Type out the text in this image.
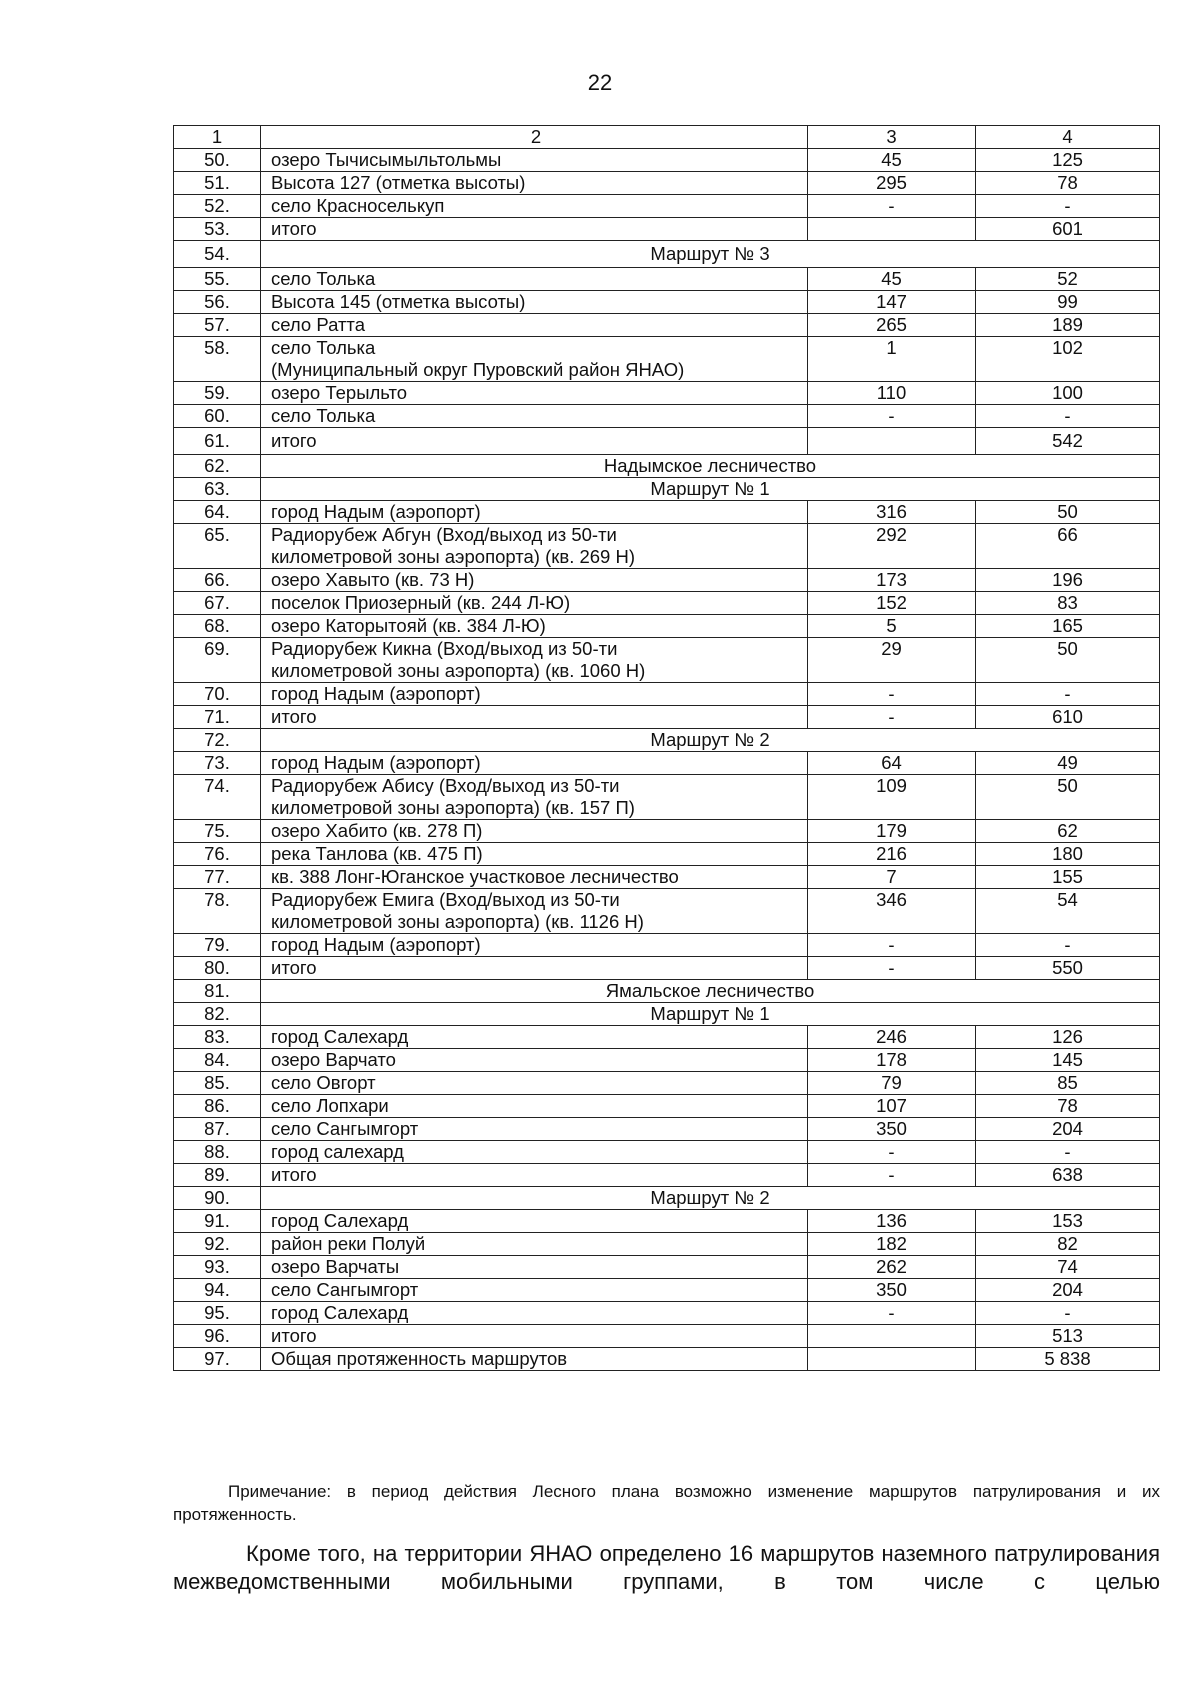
22
1	2	3	4
50.	озеро Тычисымыльтольмы	45	125
51.	Высота 127 (отметка высоты)	295	78
52.	село Красноселькуп	-	-
53.	итого		601
54.	Маршрут № 3		
55.	село Толька	45	52
56.	Высота 145 (отметка высоты)	147	99
57.	село Ратта	265	189
58.	село Толька
(Муниципальный округ Пуровский район ЯНАО)	1	102
59.	озеро Терыльто	110	100
60.	село Толька	-	-
61.	итого		542
62.	Надымское лесничество		
63.	Маршрут № 1		
64.	город Надым (аэропорт)	316	50
65.	Радиорубеж Абгун (Вход/выход из 50-ти
километровой зоны аэропорта) (кв. 269 Н)	292	66
66.	озеро Хавыто (кв. 73 Н)	173	196
67.	поселок Приозерный (кв. 244 Л-Ю)	152	83
68.	озеро Каторытояй (кв. 384 Л-Ю)	5	165
69.	Радиорубеж Кикна (Вход/выход из 50-ти
километровой зоны аэропорта) (кв. 1060 Н)	29	50
70.	город Надым (аэропорт)	-	-
71.	итого	-	610
72.	Маршрут № 2		
73.	город Надым (аэропорт)	64	49
74.	Радиорубеж Абису (Вход/выход из 50-ти
километровой зоны аэропорта) (кв. 157 П)	109	50
75.	озеро Хабито (кв. 278 П)	179	62
76.	река Танлова (кв. 475 П)	216	180
77.	кв. 388 Лонг-Юганское участковое лесничество	7	155
78.	Радиорубеж Емига (Вход/выход из 50-ти
километровой зоны аэропорта) (кв. 1126 Н)	346	54
79.	город Надым (аэропорт)	-	-
80.	итого	-	550
81.	Ямальское лесничество		
82.	Маршрут № 1		
83.	город Салехард	246	126
84.	озеро Варчато	178	145
85.	село Овгорт	79	85
86.	село Лопхари	107	78
87.	село Сангымгорт	350	204
88.	город салехард	-	-
89.	итого	-	638
90.	Маршрут № 2		
91.	город Салехард	136	153
92.	район реки Полуй	182	82
93.	озеро Варчаты	262	74
94.	село Сангымгорт	350	204
95.	город Салехард	-	-
96.	итого		513
97.	Общая протяженность маршрутов		5 838
Примечание: в период действия Лесного плана возможно изменение маршрутов патрулирования и их протяженность.
Кроме того, на территории ЯНАО определено 16 маршрутов наземного патрулирования межведомственными мобильными группами, в том числе с целью
